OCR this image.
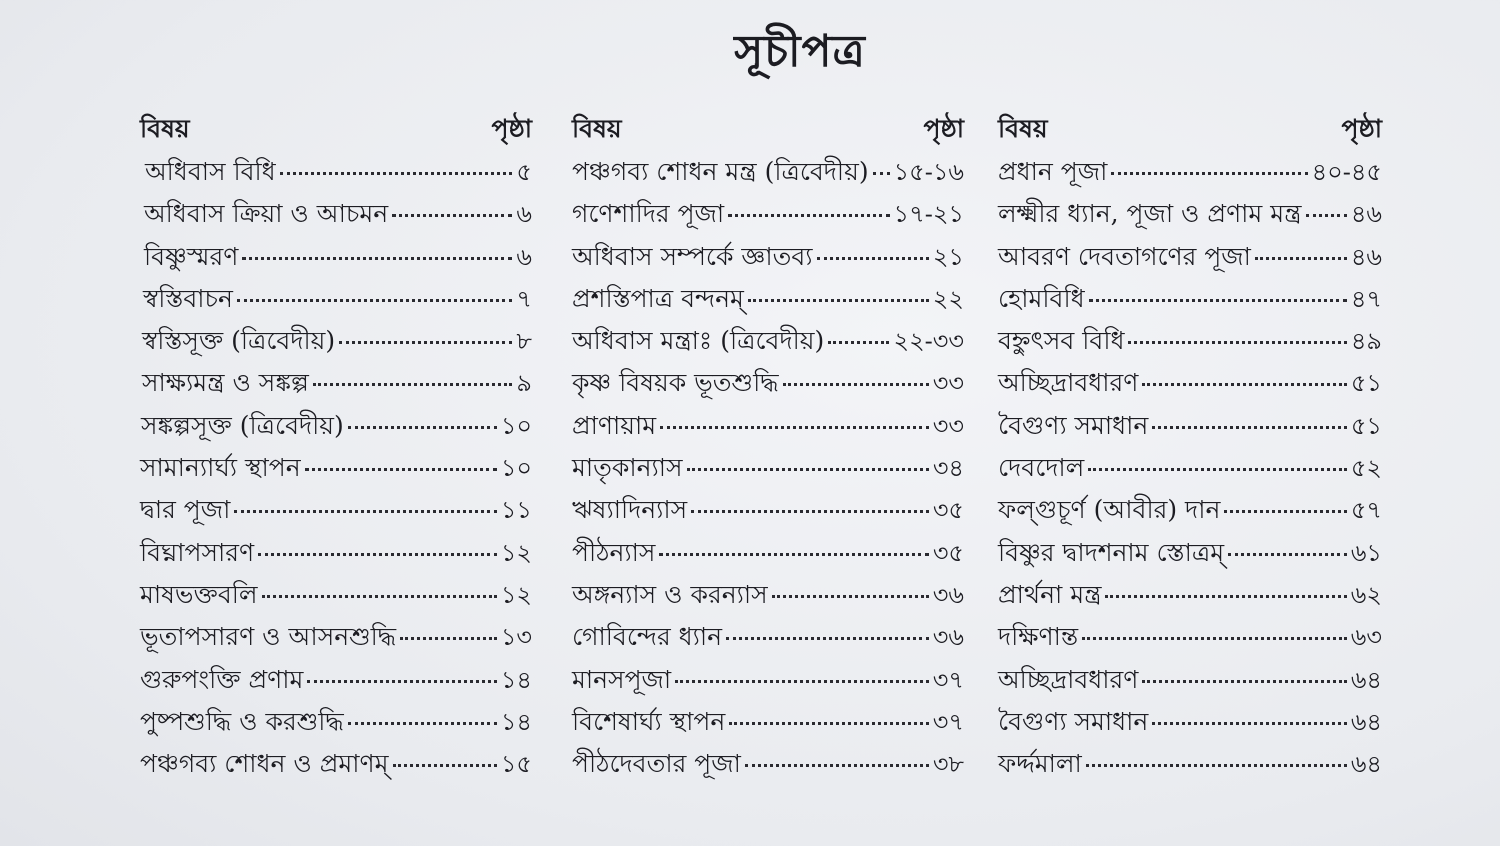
সূচীপত্র
বিষয়	পৃষ্ঠা
অধিবাস বিধি	৫
অধিবাস ক্রিয়া ও আচমন	৬
বিষ্ণুস্মরণ	৬
স্বস্তিবাচন	৭
স্বস্তিসূক্ত (ত্রিবেদীয়)	৮
সাক্ষ্যমন্ত্র ও সঙ্কল্প	৯
সঙ্কল্পসূক্ত (ত্রিবেদীয়)	১০
সামান্যার্ঘ্য স্থাপন	১০
দ্বার পূজা	১১
বিঘ্নাপসারণ	১২
মাষভক্তবলি	১২
ভূতাপসারণ ও আসনশুদ্ধি	১৩
গুরুপংক্তি প্রণাম	১৪
পুষ্পশুদ্ধি ও করশুদ্ধি	১৪
পঞ্চগব্য শোধন ও প্রমাণম্	১৫
বিষয়	পৃষ্ঠা
পঞ্চগব্য শোধন মন্ত্র (ত্রিবেদীয়) ১৫-১৬
গণেশাদির পূজা	১৭-২১
অধিবাস সম্পর্কে জ্ঞাতব্য	২১
প্রশস্তিপাত্র বন্দনম্	২২
অধিবাস মন্ত্রাঃ (ত্রিবেদীয়)	২২-৩৩
কৃষ্ণ বিষয়ক ভূতশুদ্ধি	৩৩
প্রাণায়াম	৩৩
মাতৃকান্যাস	৩৪
ঋষ্যাদিন্যাস	৩৫
পীঠন্যাস	৩৫
অঙ্গন্যাস ও করন্যাস	৩৬
গোবিন্দের ধ্যান	৩৬
মানসপূজা	৩৭
বিশেষার্ঘ্য স্থাপন	৩৭
পীঠদেবতার পূজা	৩৮
বিষয়	পৃষ্ঠা
প্রধান পূজা	৪০-৪৫
লক্ষ্মীর ধ্যান, পূজা ও প্রণাম মন্ত্র ৪৬
আবরণ দেবতাগণের পূজা	৪৬
হোমবিধি	৪৭
বহ্নুৎসব বিধি	৪৯
অচ্ছিদ্রাবধারণ	৫১
বৈগুণ্য সমাধান	৫১
দেবদোল	৫২
ফল্গুচূর্ণ (আবীর) দান	৫৭
বিষ্ণুর দ্বাদশনাম স্তোত্রম্	৬১
প্রার্থনা মন্ত্র	৬২
দক্ষিণান্ত	৬৩
অচ্ছিদ্রাবধারণ	৬৪
বৈগুণ্য সমাধান	৬৪
ফর্দ্দমালা	৬৪
